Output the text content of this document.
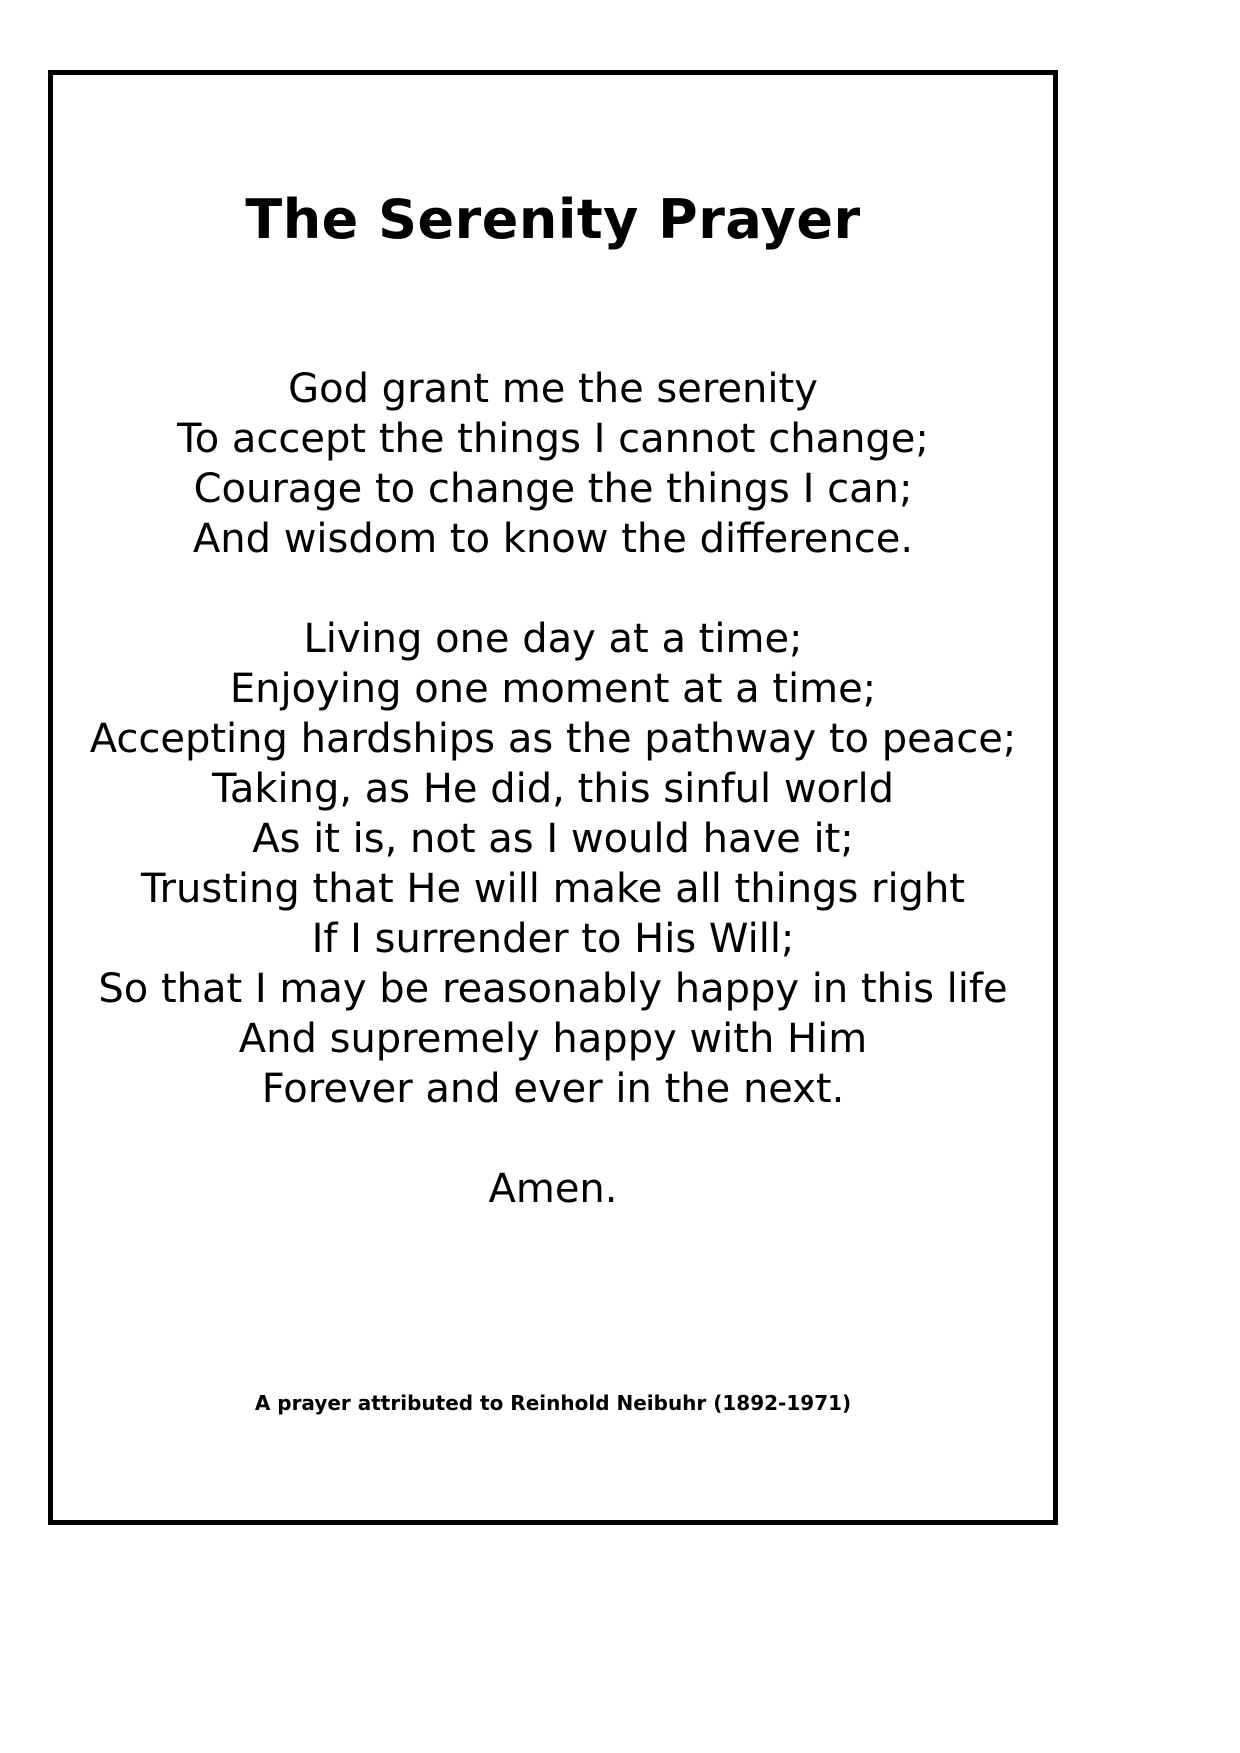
The Serenity Prayer
God grant me the serenity
To accept the things I cannot change;
Courage to change the things I can;
And wisdom to know the difference.
Living one day at a time;
Enjoying one moment at a time;
Accepting hardships as the pathway to peace;
Taking, as He did, this sinful world
As it is, not as I would have it;
Trusting that He will make all things right
If I surrender to His Will;
So that I may be reasonably happy in this life
And supremely happy with Him
Forever and ever in the next.
Amen.
A prayer attributed to Reinhold Neibuhr (1892-1971)
